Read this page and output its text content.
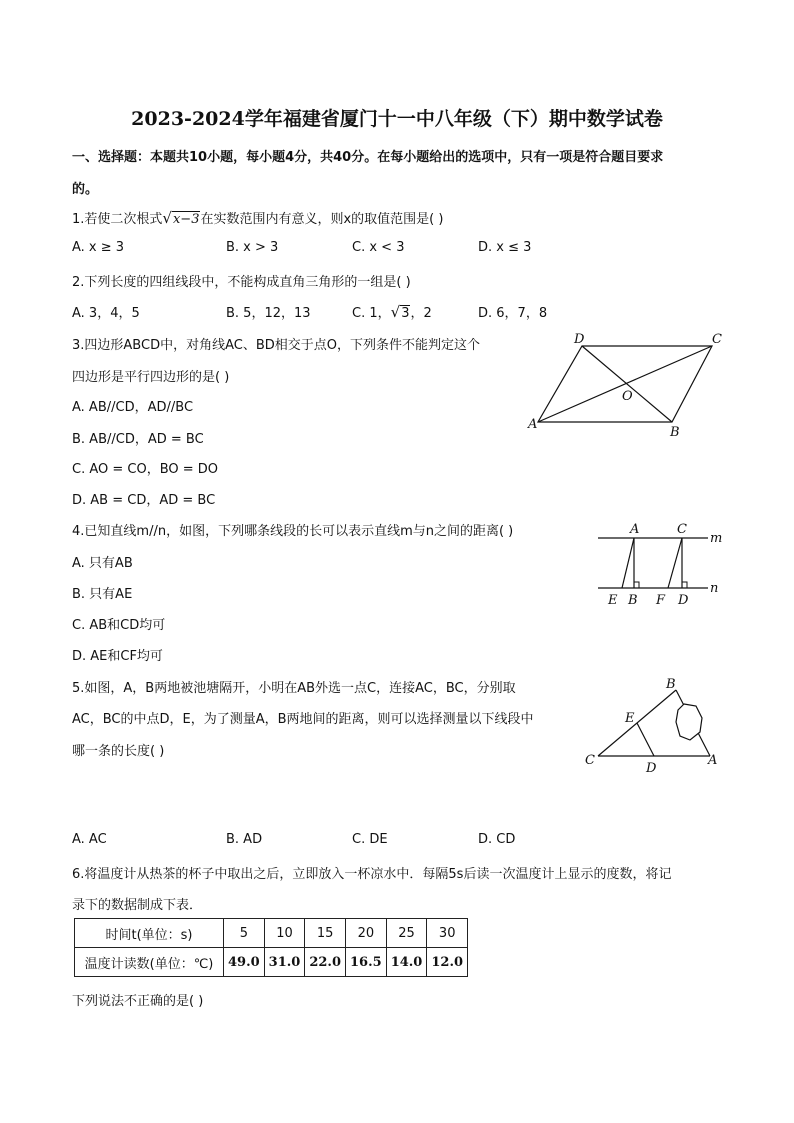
2023-2024学年福建省厦门十一中八年级（下）期中数学试卷
一、选择题：本题共10小题，每小题4分，共40分。在每小题给出的选项中，只有一项是符合题目要求
的。
1.若使二次根式√x−3在实数范围内有意义，则x的取值范围是( )
A. x ≥ 3	B. x > 3	C. x < 3	D. x ≤ 3
2.下列长度的四组线段中，不能构成直角三角形的一组是( )
A. 3，4，5	B. 5，12，13	C. 1，√3，2	D. 6，7，8
3.四边形ABCD中，对角线AC、BD相交于点O，下列条件不能判定这个
四边形是平行四边形的是( )
A. AB//CD，AD//BC
B. AB//CD，AD = BC
C. AO = CO，BO = DO
D. AB = CD，AD = BC
A
B
C
D
O
4.已知直线m//n，如图，下列哪条线段的长可以表示直线m与n之间的距离( )
A. 只有AB
B. 只有AE
C. AB和CD均可
D. AE和CF均可
A	C
m
n
E B F D
5.如图，A，B两地被池塘隔开，小明在AB外选一点C，连接AC，BC，分别取
AC，BC的中点D，E，为了测量A，B两地间的距离，则可以选择测量以下线段中
哪一条的长度( )
A. AC	B. AD	C. DE	D. CD
B
E
C
D
A
6.将温度计从热茶的杯子中取出之后，立即放入一杯凉水中．每隔5s后读一次温度计上显示的度数，将记
录下的数据制成下表．
时间t(单位：s)	5	10	15	20	25	30
温度计读数(单位：℃)	49.0	31.0	22.0	16.5	14.0	12.0
下列说法不正确的是( )
